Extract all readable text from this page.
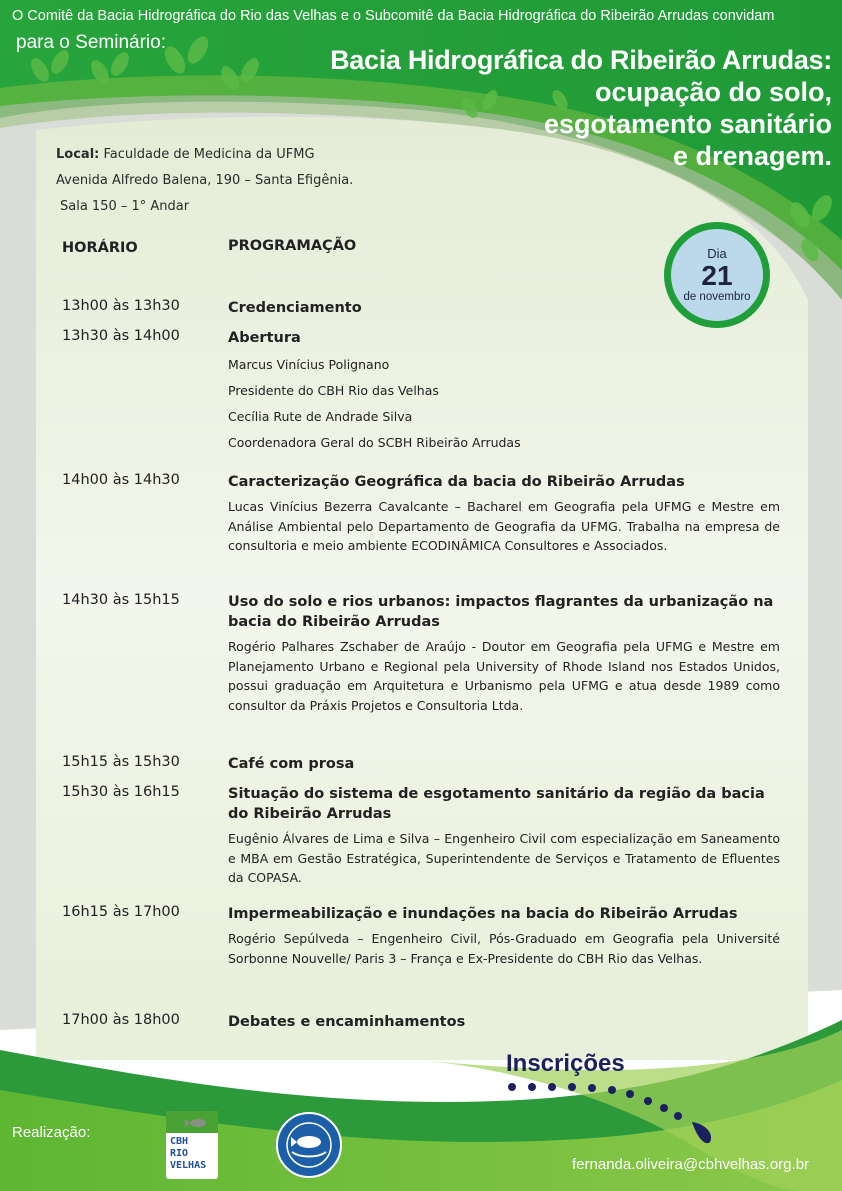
O Comitê da Bacia Hidrográfica do Rio das Velhas e o Subcomitê da Bacia Hidrográfica do Ribeirão Arrudas convidam
para o Seminário:
Bacia Hidrográfica do Ribeirão Arrudas:
ocupação do solo,
esgotamento sanitário
e drenagem.
Local: Faculdade de Medicina da UFMG
Avenida Alfredo Balena, 190 – Santa Efigênia.
Sala 150 – 1° Andar
Dia
21
de novembro
HORÁRIO	PROGRAMAÇÃO
13h00 às 13h30	Credenciamento
13h30 às 14h00	Abertura
Marcus Vinícius Polignano
Presidente do CBH Rio das Velhas
Cecília Rute de Andrade Silva
Coordenadora Geral do SCBH Ribeirão Arrudas
14h00 às 14h30	Caracterização Geográfica da bacia do Ribeirão Arrudas
Lucas Vinícius Bezerra Cavalcante – Bacharel em Geografia pela UFMG e Mestre em Análise Ambiental pelo Departamento de Geografia da UFMG. Trabalha na empresa de consultoria e meio ambiente ECODINÂMICA Consultores e Associados.
14h30 às 15h15	Uso do solo e rios urbanos: impactos flagrantes da urbanização na bacia do Ribeirão Arrudas
Rogério Palhares Zschaber de Araújo - Doutor em Geografia pela UFMG e Mestre em Planejamento Urbano e Regional pela University of Rhode Island nos Estados Unidos, possui graduação em Arquitetura e Urbanismo pela UFMG e atua desde 1989 como consultor da Práxis Projetos e Consultoria Ltda.
15h15 às 15h30	Café com prosa
15h30 às 16h15	Situação do sistema de esgotamento sanitário da região da bacia do Ribeirão Arrudas
Eugênio Álvares de Lima e Silva – Engenheiro Civil com especialização em Saneamento e MBA em Gestão Estratégica, Superintendente de Serviços e Tratamento de Efluentes da COPASA.
16h15 às 17h00	Impermeabilização e inundações na bacia do Ribeirão Arrudas
Rogério Sepúlveda – Engenheiro Civil, Pós-Graduado em Geografia pela Université Sorbonne Nouvelle/ Paris 3 – França e Ex-Presidente do CBH Rio das Velhas.
17h00 às 18h00	Debates e encaminhamentos
Inscrições
Realização:
CBH
RIO
VELHAS	fernanda.oliveira@cbhvelhas.org.br
